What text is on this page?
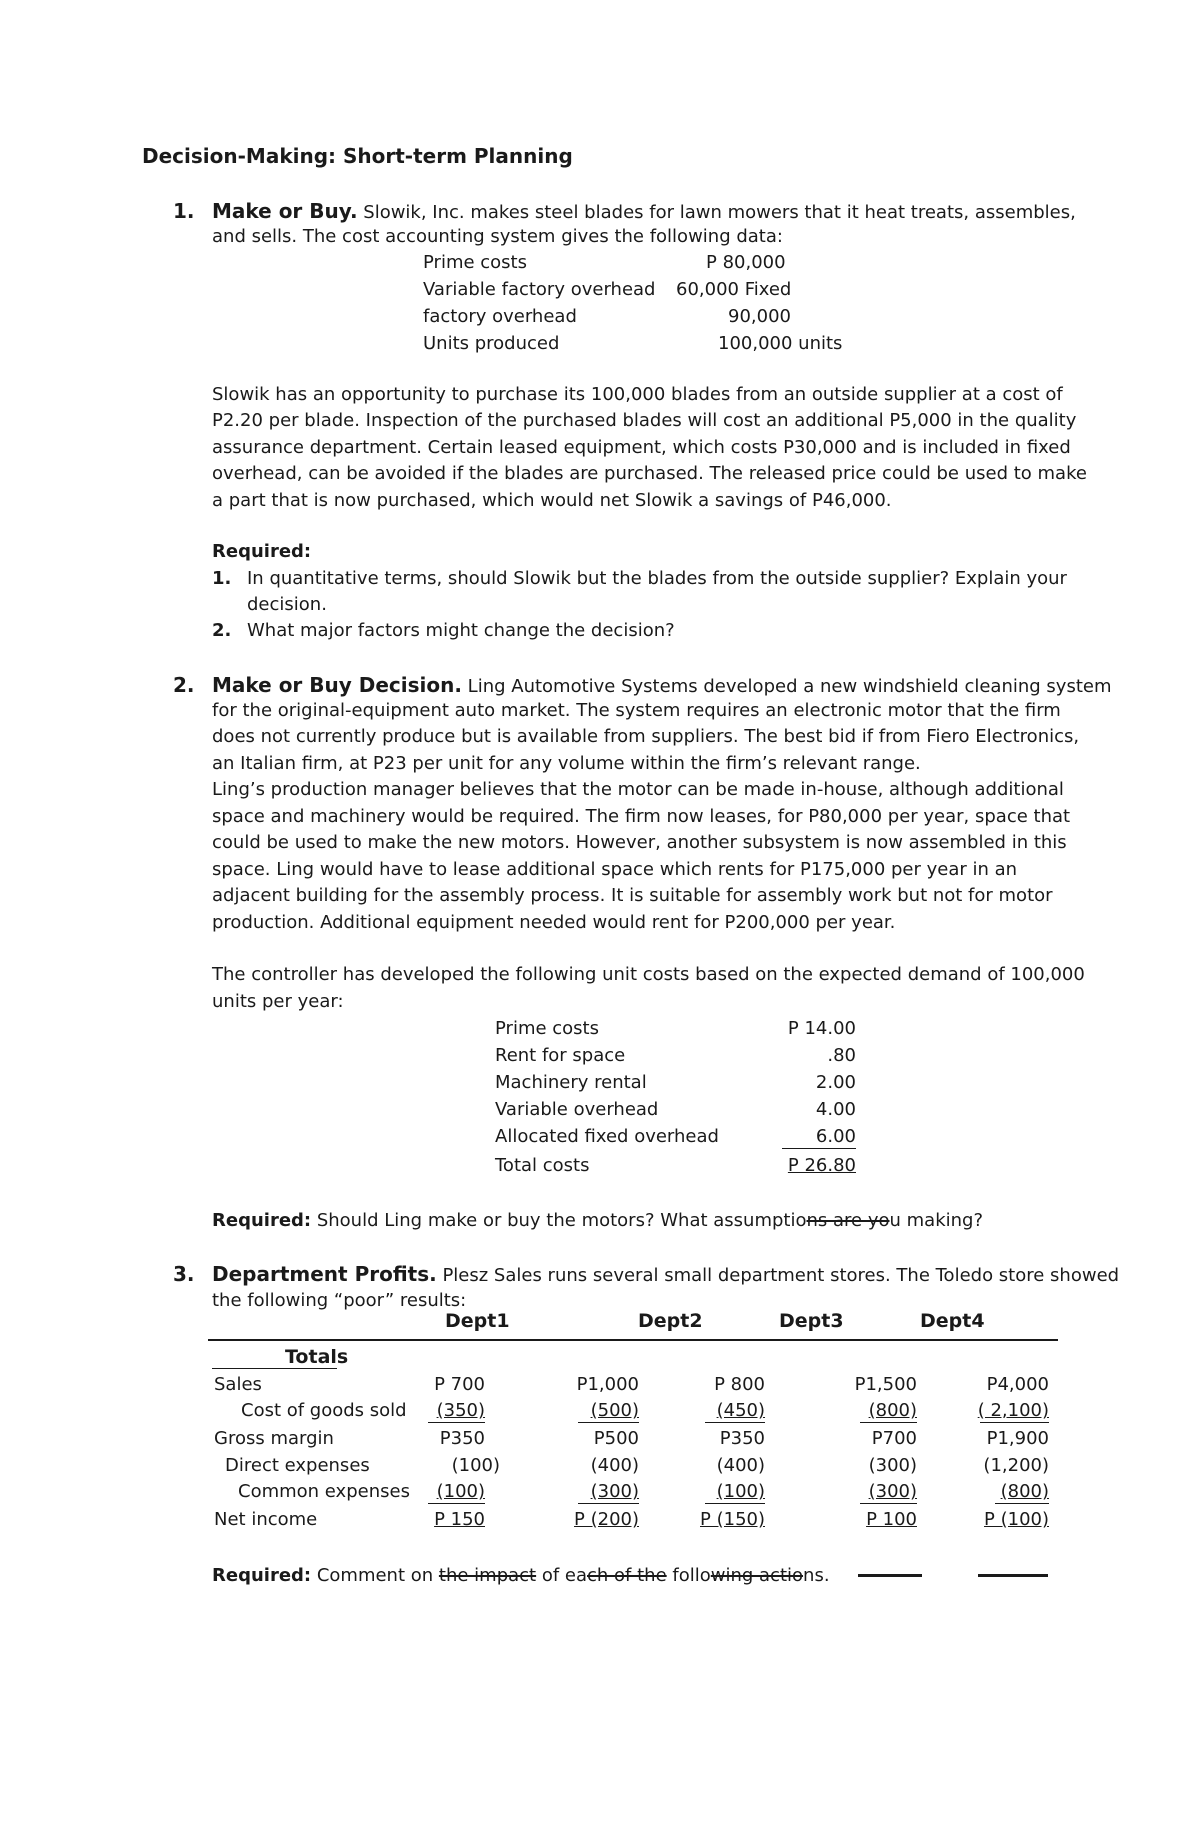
Decision-Making: Short-term Planning
1. Make or Buy. Slowik, Inc. makes steel blades for lawn mowers that it heat treats, assembles,
and sells. The cost accounting system gives the following data:
Prime costs	P 80,000
Variable factory overhead 60,000 Fixed
factory overhead	90,000
Units produced	100,000 units
Slowik has an opportunity to purchase its 100,000 blades from an outside supplier at a cost of
P2.20 per blade. Inspection of the purchased blades will cost an additional P5,000 in the quality
assurance department. Certain leased equipment, which costs P30,000 and is included in fixed
overhead, can be avoided if the blades are purchased. The released price could be used to make
a part that is now purchased, which would net Slowik a savings of P46,000.
Required:
1. In quantitative terms, should Slowik but the blades from the outside supplier? Explain your
decision.
2. What major factors might change the decision?
2. Make or Buy Decision. Ling Automotive Systems developed a new windshield cleaning system
for the original-equipment auto market. The system requires an electronic motor that the firm
does not currently produce but is available from suppliers. The best bid if from Fiero Electronics,
an Italian firm, at P23 per unit for any volume within the firm’s relevant range.
Ling’s production manager believes that the motor can be made in-house, although additional
space and machinery would be required. The firm now leases, for P80,000 per year, space that
could be used to make the new motors. However, another subsystem is now assembled in this
space. Ling would have to lease additional space which rents for P175,000 per year in an
adjacent building for the assembly process. It is suitable for assembly work but not for motor
production. Additional equipment needed would rent for P200,000 per year.
The controller has developed the following unit costs based on the expected demand of 100,000
units per year:
Prime costs	P 14.00
Rent for space	.80
Machinery rental	2.00
Variable overhead	4.00
Allocated fixed overhead	6.00
Total costs	P 26.80
Required: Should Ling make or buy the motors? What assumptions are you making?
3. Department Profits. Plesz Sales runs several small department stores. The Toledo store showed
the following “poor” results:
Dept1	Dept2	Dept3	Dept4
Totals
Sales	P 700	P1,000	P 800	P1,500	P4,000
Cost of goods sold	(350)	(500)	(450)	(800)	( 2,100)
Gross margin	P350	P500	P350	P700	P1,900
Direct expenses	(100)	(400)	(400)	(300)	(1,200)
Common expenses	(100)	(300)	(100)	(300)	(800)
Net income	P 150	P (200)	P (150)	P 100	P (100)
Required: Comment on the impact of each of the following actions.
